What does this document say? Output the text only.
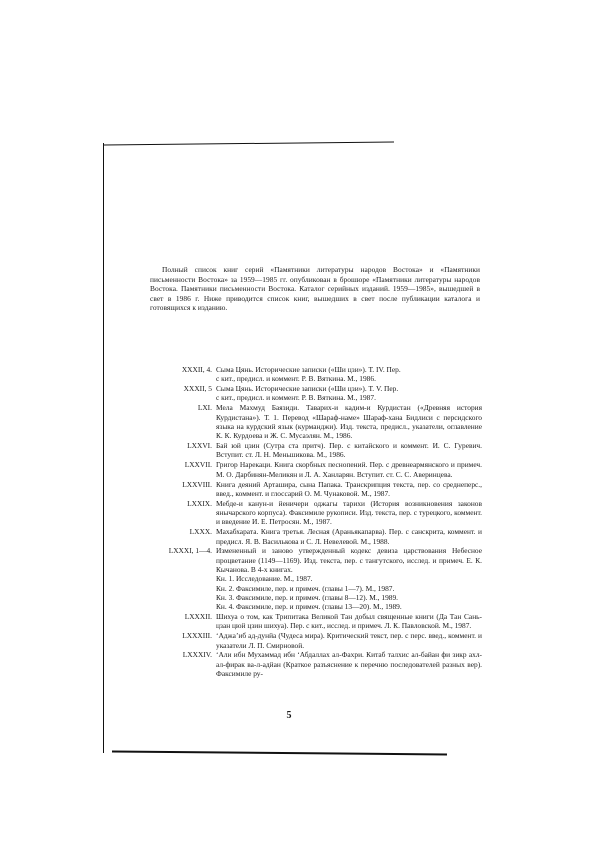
Полный список книг серий «Памятники литературы народов Востока» и «Памятники письменности Востока» за 1959—1985 гг. опубликован в брошюре «Памятники литературы народов Востока. Памятники письменности Востока. Каталог серийных изданий. 1959—1985», вышедшей в свет в 1986 г. Ниже приводится список книг, вышедших в свет после публикации каталога и готовящихся к изданию.
XXXII, 4. Сыма Цянь. Исторические записки («Ши цзи»). Т. IV. Пер.
с кит., предисл. и коммент. Р. В. Вяткина. М., 1986.
XXXII, 5 Сыма Цянь. Исторические записки («Ши цзи»). Т. V. Пер.
с кит., предисл. и коммент. Р. В. Вяткина. М., 1987.
LXI. Мела Махмуд Баязиди. Таварих-и кадим-и Курдистан («Древняя история Курдистана»). Т. 1. Перевод «Шараф-наме» Шараф-хана Бидлиси с персидского языка на курдский язык (курманджи). Изд. текста, предисл., указатели, оглавление К. К. Курдоева и Ж. С. Мусаэлян. М., 1986.
LXXVI. Бай юй цзин (Сутра ста притч). Пер. с китайского и коммент. И. С. Гуревич. Вступит. ст. Л. Н. Меньшикова. М., 1986.
LXXVII. Григор Нарекаци. Книга скорбных песнопений. Пер. с древнеармянского и примеч. М. О. Дарбинян-Меликян и Л. А. Ханларян. Вступит. ст. С. С. Аверинцева.
LXXVIII. Книга деяний Арташира, сына Папака. Транскрипция текста, пер. со среднеперс., введ., коммент. и глоссарий О. М. Чунаковой. М., 1987.
LXXIX. Мебде-и канун-и йеничери оджагы тарихи (История возникновения законов янычарского корпуса). Факсимиле рукописи. Изд. текста, пер. с турецкого, коммент. и введение И. Е. Петросян. М., 1987.
LXXX. Махабхарата. Книга третья. Лесная (Араньякапарва). Пер. с санскрита, коммент. и предисл. Я. В. Василькова и С. Л. Невелевой. М., 1988.
LXXXI, 1—4. Измененный и заново утвержденный кодекс девиза царствования Небесное процветание (1149—1169). Изд. текста, пер. с тангутского, исслед. и примеч. Е. К. Кычанова. В 4-х книгах.
Кн. 1. Исследование. М., 1987.
Кн. 2. Факсимиле, пер. и примеч. (главы 1—7). М., 1987.
Кн. 3. Факсимиле, пер. и примеч. (главы 8—12). М., 1989.
Кн. 4. Факсимиле, пер. и примеч. (главы 13—20). М., 1989.
LXXXII. Шихуа о том, как Трипитака Великой Тан добыл священные книги (Да Тан Сань-цзан цюй цзин шихуа). Пер. с кит., исслед. и примеч. Л. К. Павловской. М., 1987.
LXXXIII. ʻАджаʼиб ад-дунйа (Чудеса мира). Критический текст, пер. с перс. введ., коммент. и указатели Л. П. Смирновой.
LXXXIV. ʻАли ибн Мухаммад ибн ʻАбдаллах ал-Фахри. Китаб талхис ал-байан фи зикр ахл-ал-фирак ва-л-адйан (Краткое разъяснение к перечню последователей разных вер). Факсимиле ру-
5
